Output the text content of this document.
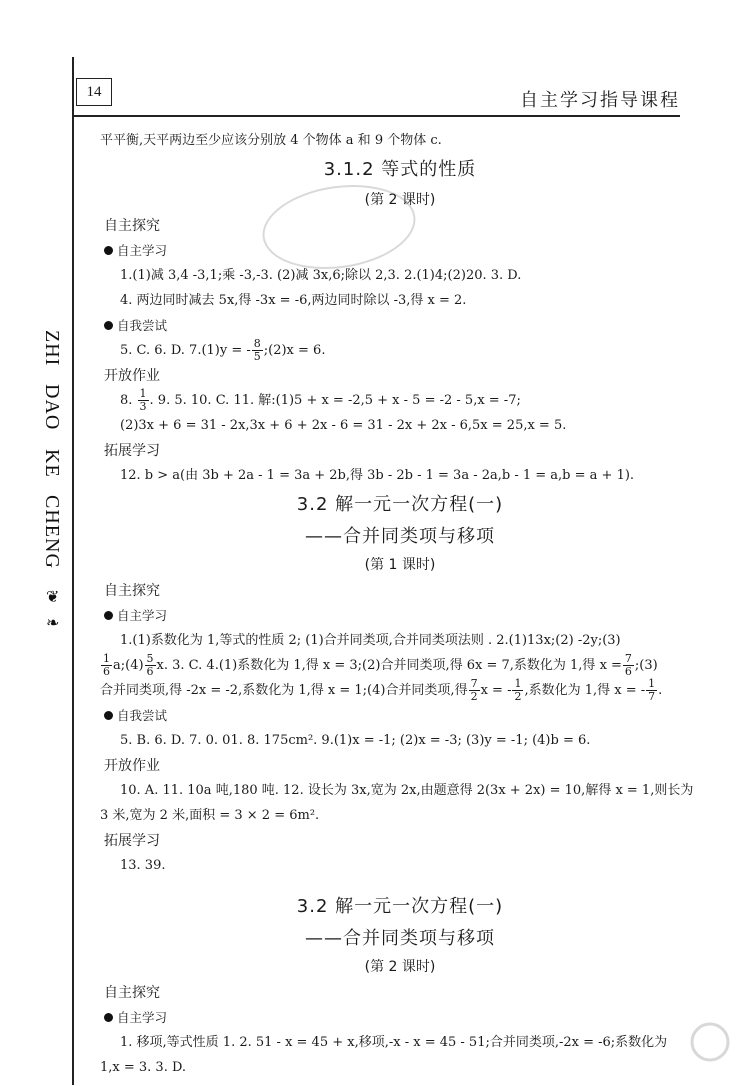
14	自主学习指导课程
ZHI
DAO
KE
CHENG
❦
❧
平平衡,天平两边至少应该分别放 4 个物体 a 和 9 个物体 c.
3.1.2 等式的性质
(第 2 课时)
自主探究
自主学习
1.(1)减 3,4 -3,1;乘 -3,-3. (2)减 3x,6;除以 2,3. 2.(1)4;(2)20. 3. D.
4. 两边同时减去 5x,得 -3x = -6,两边同时除以 -3,得 x = 2.
自我尝试
5. C. 6. D. 7.(1)y = - $\frac{8}{5}$ ;(2)x = 6.
开放作业
8. $\frac{1}{3}$ . 9. 5. 10. C. 11. 解:(1)5 + x = -2,5 + x - 5 = -2 - 5,x = -7;
(2)3x + 6 = 31 - 2x,3x + 6 + 2x - 6 = 31 - 2x + 2x - 6,5x = 25,x = 5.
拓展学习
12. b > a(由 3b + 2a - 1 = 3a + 2b,得 3b - 2b - 1 = 3a - 2a,b - 1 = a,b = a + 1).
3.2 解一元一次方程(一)
——合并同类项与移项
(第 1 课时)
自主探究
自主学习
1.(1)系数化为 1,等式的性质 2; (1)合并同类项,合并同类项法则 . 2.(1)13x;(2) -2y;(3)
$\frac{1}{6}$ a;(4) $\frac{5}{6} x$. 3. C. 4.(1)系数化为 1,得 x = 3;(2)合并同类项,得 6x = 7,系数化为 1,得 $x = \frac{7}{6}$ ;(3)
合并同类项,得 -2x = -2,系数化为 1,得 x = 1;(4)合并同类项,得 $\frac{7}{2}$ x = - $\frac{1}{2}$ ,系数化为 1,得 x = - $\frac{1}{7}$ .
自我尝试
5. B. 6. D. 7. 0. 01. 8. 175cm². 9.(1)x = -1; (2)x = -3; (3)y = -1; (4)b = 6.
开放作业
10. A. 11. 10a 吨,180 吨. 12. 设长为 3x,宽为 2x,由题意得 2(3x + 2x) = 10,解得 x = 1,则长为
3 米,宽为 2 米,面积 = 3 × 2 = 6m².
拓展学习
13. 39.
3.2 解一元一次方程(一)
——合并同类项与移项
(第 2 课时)
自主探究
自主学习
1. 移项,等式性质 1. 2. 51 - x = 45 + x,移项,-x - x = 45 - 51;合并同类项,-2x = -6;系数化为
1,x = 3. 3. D.
